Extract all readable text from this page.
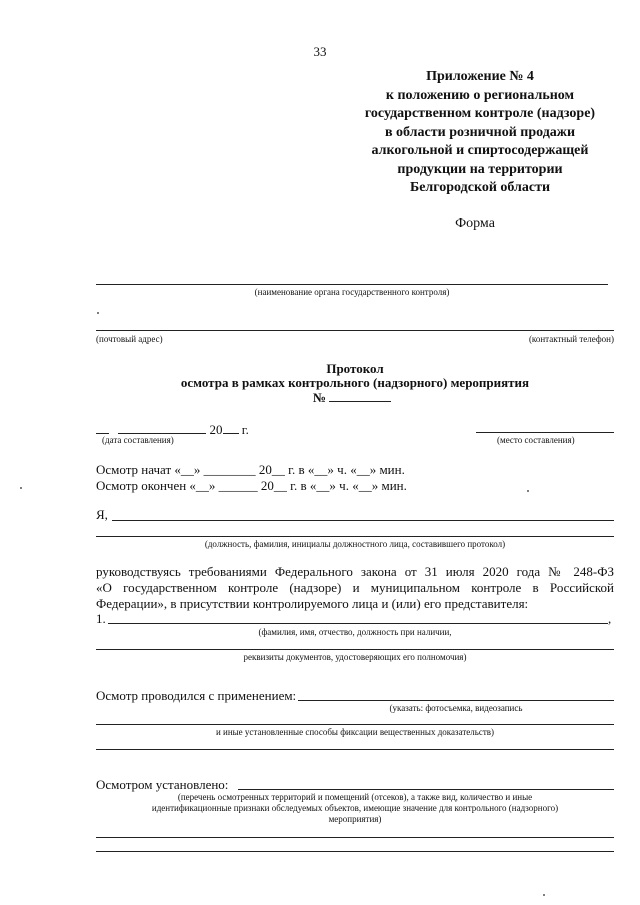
33
Приложение № 4
к положению о региональном
государственном контроле (надзоре)
в области розничной продажи
алкогольной и спиртосодержащей
продукции на территории
Белгородской области
Форма
(наименование органа государственного контроля)
(почтовый адрес)	(контактный телефон)
Протокол
осмотра в рамках контрольного (надзорного) мероприятия
№
20 г.
(дата составления)	(место составления)
Осмотр начат «__» ________ 20__ г. в «__» ч. «__» мин.
Осмотр окончен «__» ______ 20__ г. в «__» ч. «__» мин.
Я,
(должность, фамилия, инициалы должностного лица, составившего протокол)
руководствуясь требованиями Федерального закона от 31 июля 2020 года № 248-ФЗ
«О государственном контроле (надзоре) и муниципальном контроле в Российской
Федерации», в присутствии контролируемого лица и (или) его представителя:
1.	,
(фамилия, имя, отчество, должность при наличии,
реквизиты документов, удостоверяющих его полномочия)
Осмотр проводился с применением:
(указать: фотосъемка, видеозапись
и иные установленные способы фиксации вещественных доказательств)
Осмотром установлено:
(перечень осмотренных территорий и помещений (отсеков), а также вид, количество и иные
идентификационные признаки обследуемых объектов, имеющие значение для контрольного (надзорного)
мероприятия)
